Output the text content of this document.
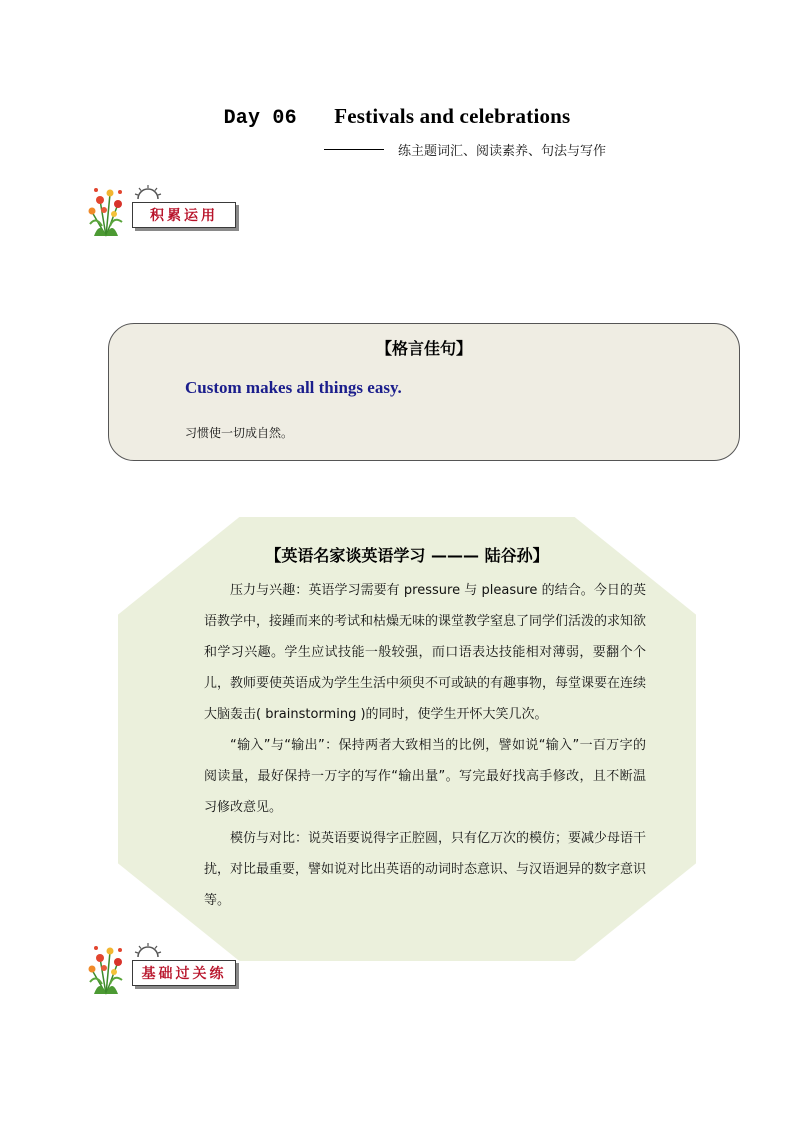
Day 06 Festivals and celebrations
练主题词汇、阅读素养、句法与写作
积累运用
【格言佳句】
Custom makes all things easy.
习惯使一切成自然。
【英语名家谈英语学习 ——— 陆谷孙】

压力与兴趣：英语学习需要有 pressure 与 pleasure 的结合。今日的英语教学中，接踵而来的考试和枯燥无味的课堂教学窒息了同学们活泼的求知欲和学习兴趣。学生应试技能一般较强，而口语表达技能相对薄弱，要翻个个儿，教师要使英语成为学生生活中须臾不可或缺的有趣事物，每堂课要在连续大脑轰击( brainstorming )的同时，使学生开怀大笑几次。

“输入”与“输出”：保持两者大致相当的比例，譬如说“输入”一百万字的阅读量，最好保持一万字的写作“输出量”。写完最好找高手修改，且不断温习修改意见。

模仿与对比：说英语要说得字正腔圆，只有亿万次的模仿；要减少母语干扰，对比最重要，譬如说对比出英语的动词时态意识、与汉语迥异的数字意识等。

基础过关练
